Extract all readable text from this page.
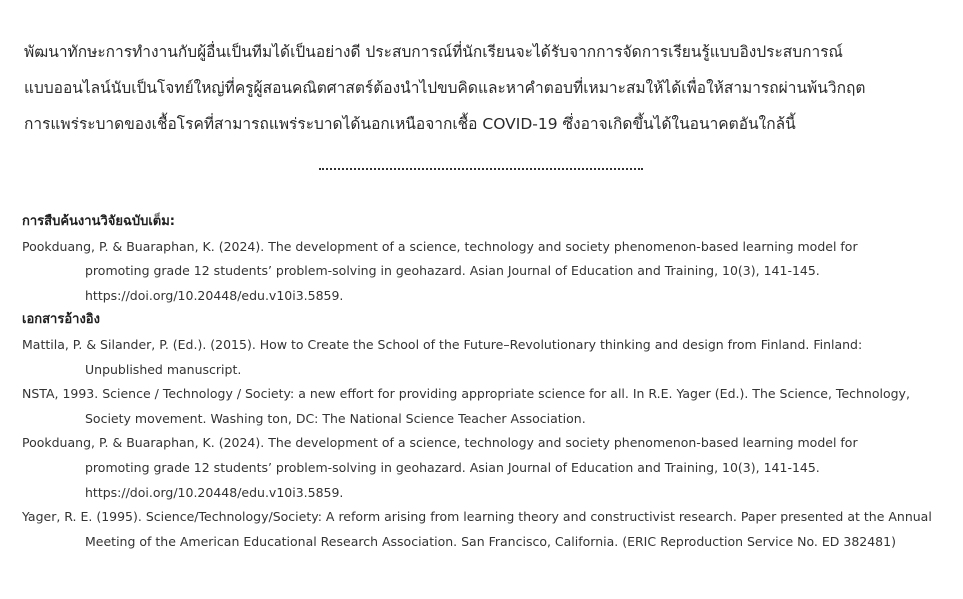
พัฒนาทักษะการทำงานกับผู้อื่นเป็นทีมได้เป็นอย่างดี ประสบการณ์ที่นักเรียนจะได้รับจากการจัดการเรียนรู้แบบอิงประสบการณ์
แบบออนไลน์นับเป็นโจทย์ใหญ่ที่ครูผู้สอนคณิตศาสตร์ต้องนำไปขบคิดและหาคำตอบที่เหมาะสมให้ได้เพื่อให้สามารถผ่านพ้นวิกฤต
การแพร่ระบาดของเชื้อโรคที่สามารถแพร่ระบาดได้นอกเหนือจากเชื้อ COVID-19 ซึ่งอาจเกิดขึ้นได้ในอนาคตอันใกล้นี้
การสืบค้นงานวิจัยฉบับเต็ม:
Pookduang, P. & Buaraphan, K. (2024). The development of a science, technology and society phenomenon-based learning model for
promoting grade 12 students’ problem-solving in geohazard. Asian Journal of Education and Training, 10(3), 141-145.
https://doi.org/10.20448/edu.v10i3.5859.
เอกสารอ้างอิง
Mattila, P. & Silander, P. (Ed.). (2015). How to Create the School of the Future–Revolutionary thinking and design from Finland. Finland:
Unpublished manuscript.
NSTA, 1993. Science / Technology / Society: a new effort for providing appropriate science for all. In R.E. Yager (Ed.). The Science, Technology,
Society movement. Washing ton, DC: The National Science Teacher Association.
Pookduang, P. & Buaraphan, K. (2024). The development of a science, technology and society phenomenon-based learning model for
promoting grade 12 students’ problem-solving in geohazard. Asian Journal of Education and Training, 10(3), 141-145.
https://doi.org/10.20448/edu.v10i3.5859.
Yager, R. E. (1995). Science/Technology/Society: A reform arising from learning theory and constructivist research. Paper presented at the Annual
Meeting of the American Educational Research Association. San Francisco, California. (ERIC Reproduction Service No. ED 382481)
